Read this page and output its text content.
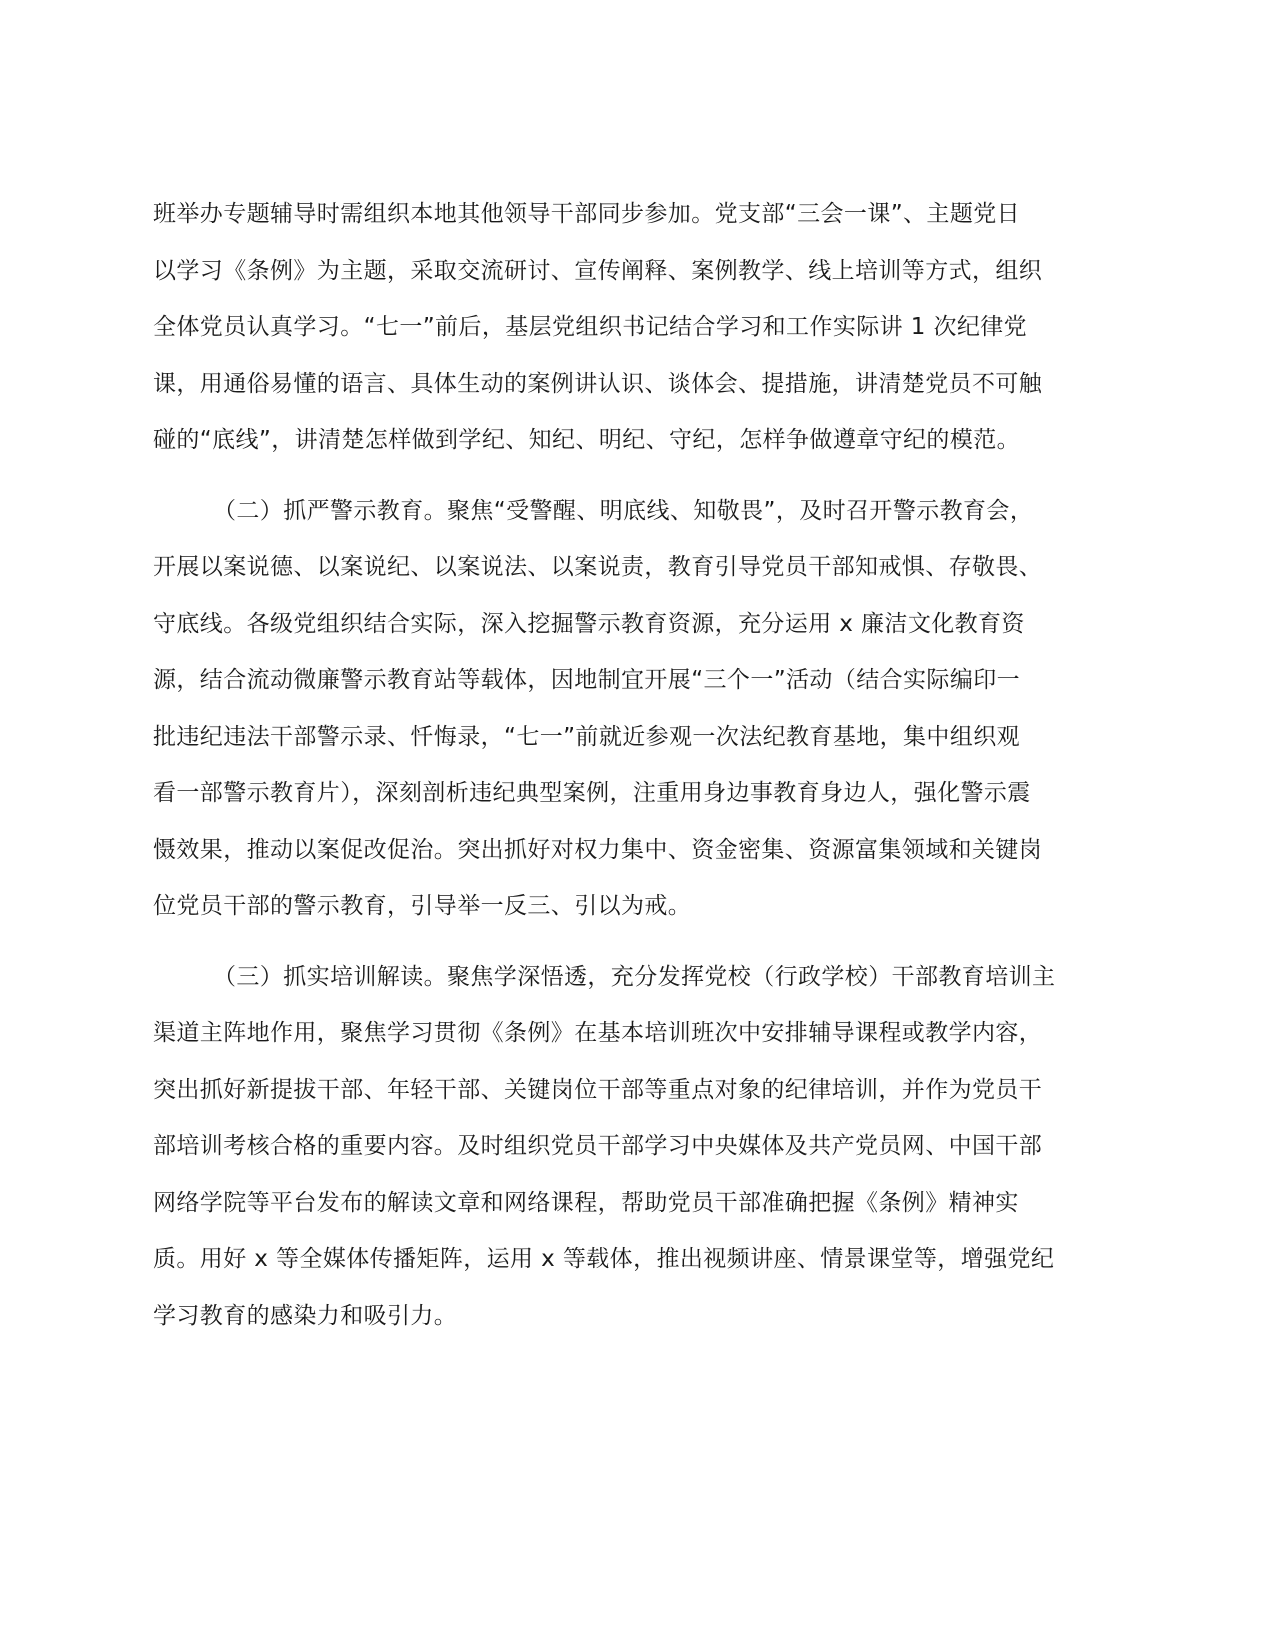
班举办专题辅导时需组织本地其他领导干部同步参加。党支部“三会一课”、主题党日
以学习《条例》为主题，采取交流研讨、宣传阐释、案例教学、线上培训等方式，组织
全体党员认真学习。“七一”前后，基层党组织书记结合学习和工作实际讲 1 次纪律党
课，用通俗易懂的语言、具体生动的案例讲认识、谈体会、提措施，讲清楚党员不可触
碰的“底线”，讲清楚怎样做到学纪、知纪、明纪、守纪，怎样争做遵章守纪的模范。
（二）抓严警示教育。聚焦“受警醒、明底线、知敬畏”，及时召开警示教育会，
开展以案说德、以案说纪、以案说法、以案说责，教育引导党员干部知戒惧、存敬畏、
守底线。各级党组织结合实际，深入挖掘警示教育资源，充分运用 x 廉洁文化教育资
源，结合流动微廉警示教育站等载体，因地制宜开展“三个一”活动（结合实际编印一
批违纪违法干部警示录、忏悔录，“七一”前就近参观一次法纪教育基地，集中组织观
看一部警示教育片），深刻剖析违纪典型案例，注重用身边事教育身边人，强化警示震
慑效果，推动以案促改促治。突出抓好对权力集中、资金密集、资源富集领域和关键岗
位党员干部的警示教育，引导举一反三、引以为戒。
（三）抓实培训解读。聚焦学深悟透，充分发挥党校（行政学校）干部教育培训主
渠道主阵地作用，聚焦学习贯彻《条例》在基本培训班次中安排辅导课程或教学内容，
突出抓好新提拔干部、年轻干部、关键岗位干部等重点对象的纪律培训，并作为党员干
部培训考核合格的重要内容。及时组织党员干部学习中央媒体及共产党员网、中国干部
网络学院等平台发布的解读文章和网络课程，帮助党员干部准确把握《条例》精神实
质。用好 x 等全媒体传播矩阵，运用 x 等载体，推出视频讲座、情景课堂等，增强党纪
学习教育的感染力和吸引力。
